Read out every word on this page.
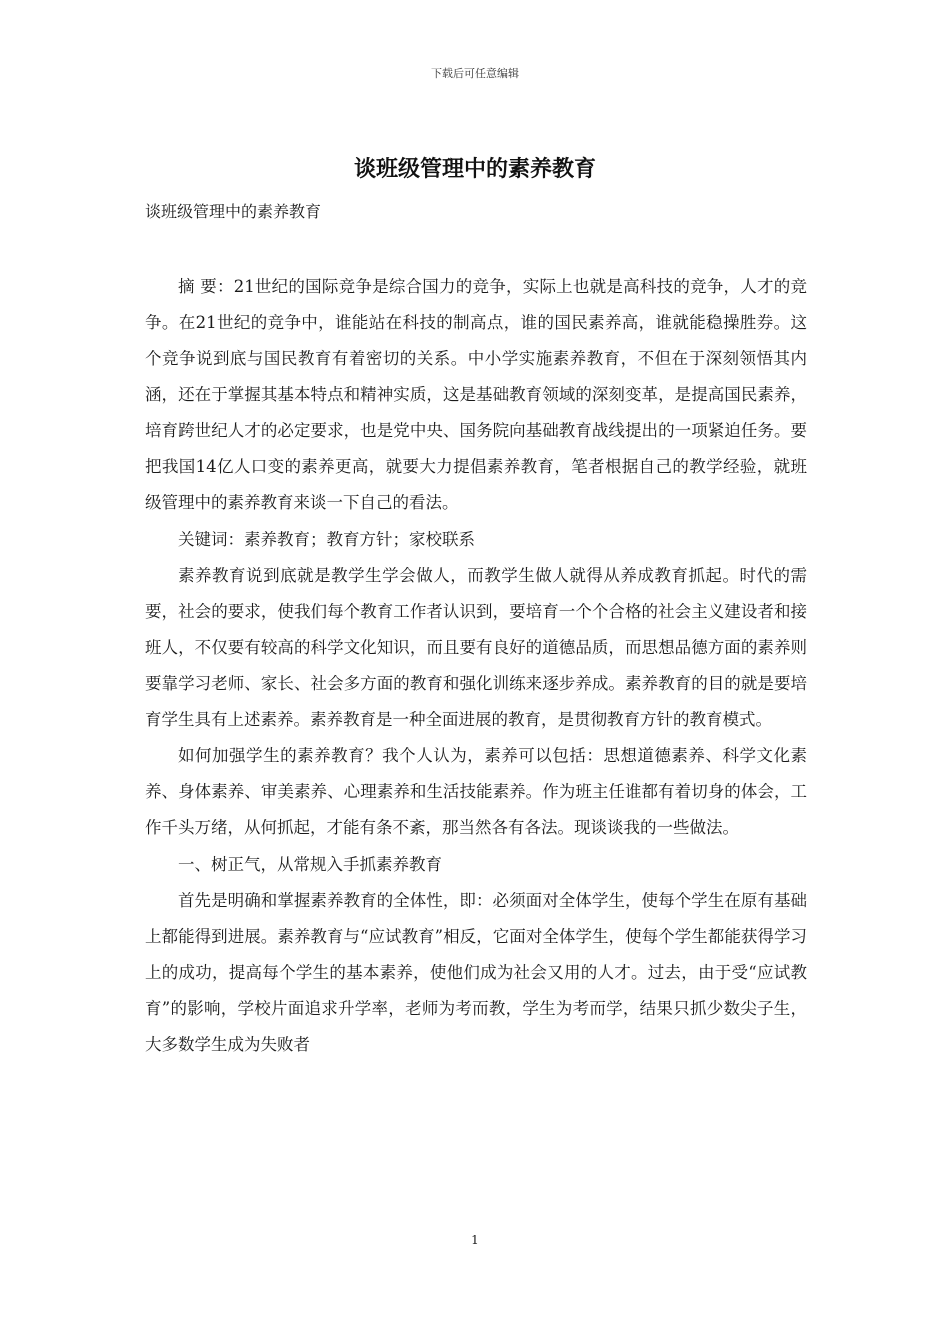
下载后可任意编辑
谈班级管理中的素养教育
谈班级管理中的素养教育

摘 要：21世纪的国际竞争是综合国力的竞争，实际上也就是高科技的竞争，人才的竞争。在21世纪的竞争中，谁能站在科技的制高点，谁的国民素养高，谁就能稳操胜券。这个竞争说到底与国民教育有着密切的关系。中小学实施素养教育，不但在于深刻领悟其内涵，还在于掌握其基本特点和精神实质，这是基础教育领域的深刻变革，是提高国民素养，培育跨世纪人才的必定要求，也是党中央、国务院向基础教育战线提出的一项紧迫任务。要把我国14亿人口变的素养更高，就要大力提倡素养教育，笔者根据自己的教学经验，就班级管理中的素养教育来谈一下自己的看法。

关键词：素养教育；教育方针；家校联系

素养教育说到底就是教学生学会做人，而教学生做人就得从养成教育抓起。时代的需要，社会的要求，使我们每个教育工作者认识到，要培育一个个合格的社会主义建设者和接班人，不仅要有较高的科学文化知识，而且要有良好的道德品质，而思想品德方面的素养则要靠学习老师、家长、社会多方面的教育和强化训练来逐步养成。素养教育的目的就是要培育学生具有上述素养。素养教育是一种全面进展的教育，是贯彻教育方针的教育模式。

如何加强学生的素养教育？我个人认为，素养可以包括：思想道德素养、科学文化素养、身体素养、审美素养、心理素养和生活技能素养。作为班主任谁都有着切身的体会，工作千头万绪，从何抓起，才能有条不紊，那当然各有各法。现谈谈我的一些做法。

一、树正气，从常规入手抓素养教育

首先是明确和掌握素养教育的全体性，即：必须面对全体学生，使每个学生在原有基础上都能得到进展。素养教育与“应试教育”相反，它面对全体学生，使每个学生都能获得学习上的成功，提高每个学生的基本素养，使他们成为社会又用的人才。过去，由于受“应试教育”的影响，学校片面追求升学率，老师为考而教，学生为考而学，结果只抓少数尖子生，大多数学生成为失败者

1
